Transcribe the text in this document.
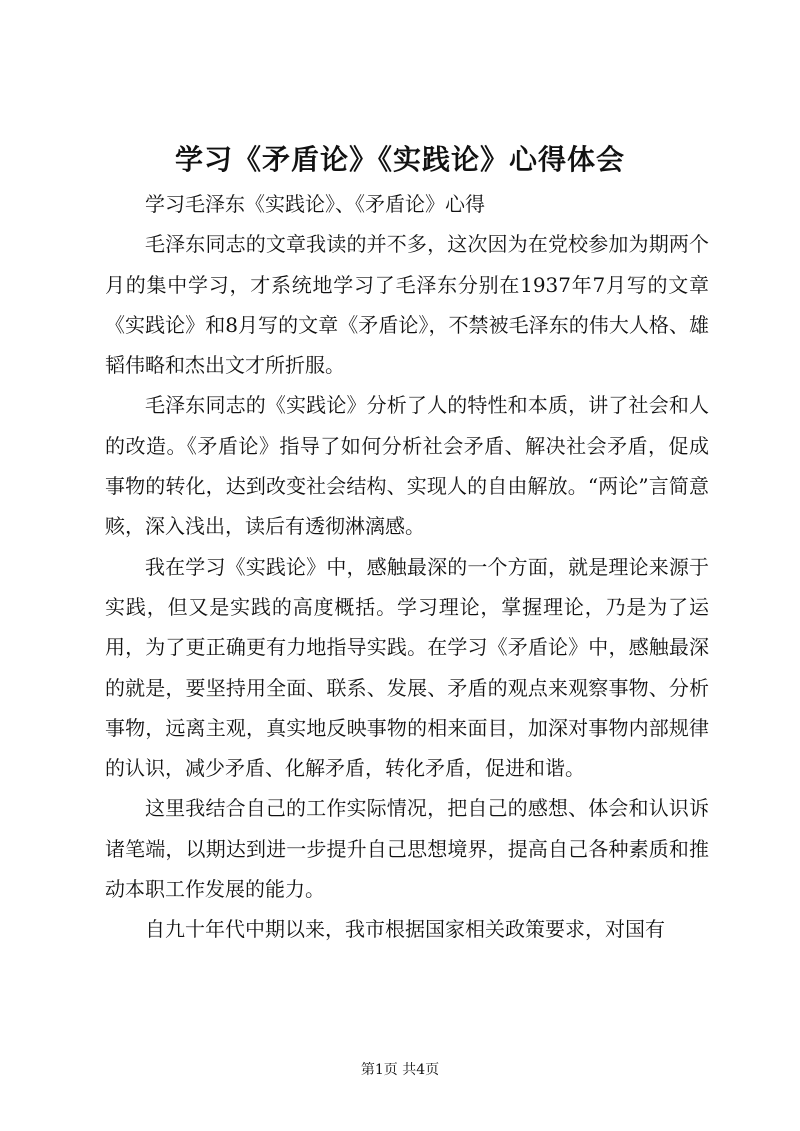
学习《矛盾论》《实践论》心得体会

学习毛泽东《实践论》、《矛盾论》心得

毛泽东同志的文章我读的并不多，这次因为在党校参加为期两个月的集中学习，才系统地学习了毛泽东分别在1937年7月写的文章《实践论》和8月写的文章《矛盾论》，不禁被毛泽东的伟大人格、雄韬伟略和杰出文才所折服。

毛泽东同志的《实践论》分析了人的特性和本质，讲了社会和人的改造。《矛盾论》指导了如何分析社会矛盾、解决社会矛盾，促成事物的转化，达到改变社会结构、实现人的自由解放。“两论”言简意赅，深入浅出，读后有透彻淋漓感。

我在学习《实践论》中，感触最深的一个方面，就是理论来源于实践，但又是实践的高度概括。学习理论，掌握理论，乃是为了运用，为了更正确更有力地指导实践。在学习《矛盾论》中，感触最深的就是，要坚持用全面、联系、发展、矛盾的观点来观察事物、分析事物，远离主观，真实地反映事物的相来面目，加深对事物内部规律的认识，减少矛盾、化解矛盾，转化矛盾，促进和谐。

这里我结合自己的工作实际情况，把自己的感想、体会和认识诉诸笔端，以期达到进一步提升自己思想境界，提高自己各种素质和推动本职工作发展的能力。

自九十年代中期以来，我市根据国家相关政策要求，对国有

第1页 共4页
